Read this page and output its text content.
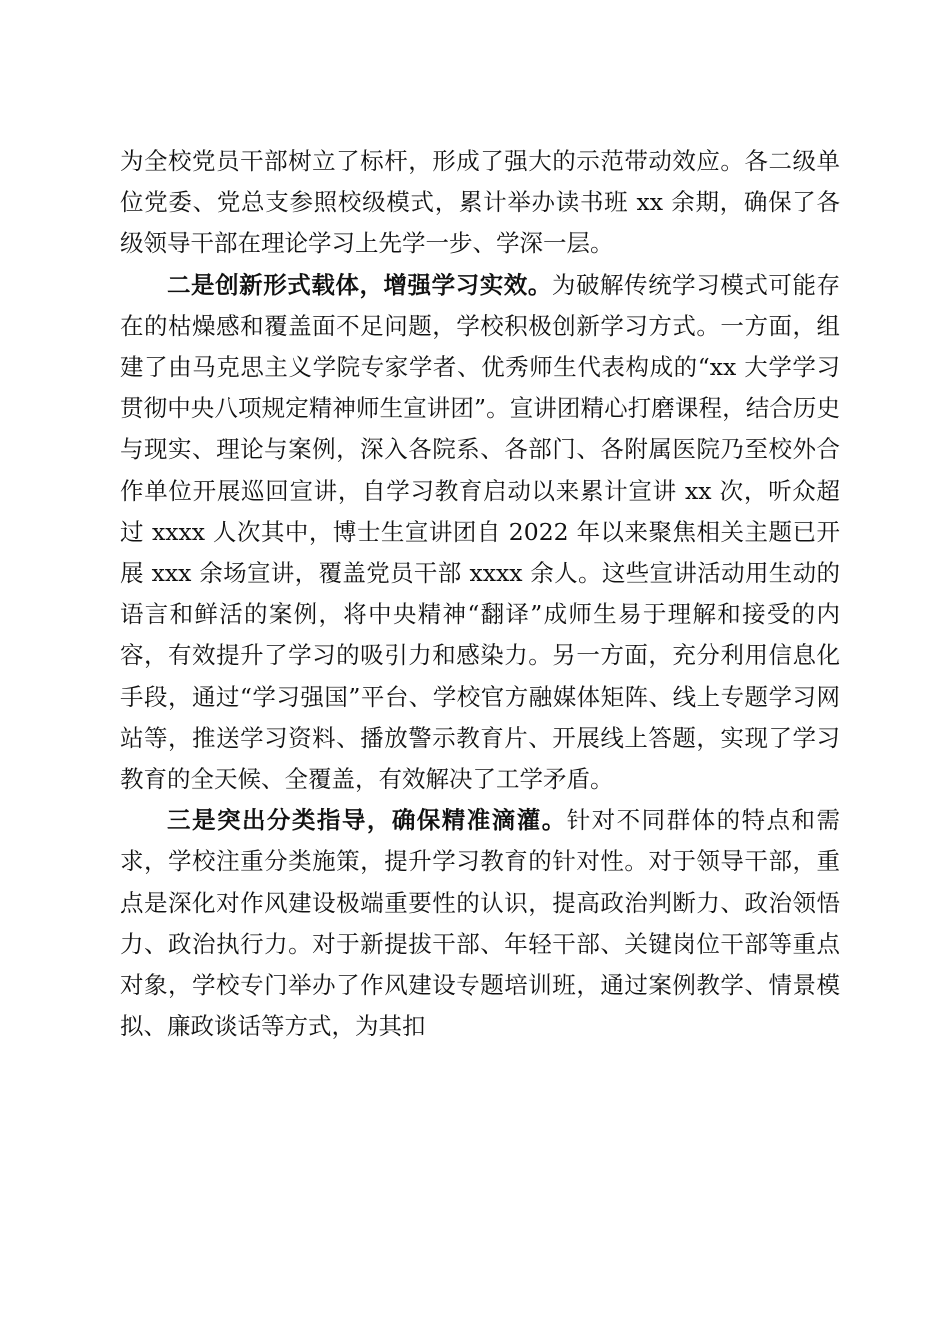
为全校党员干部树立了标杆，形成了强大的示范带动效应。各二级单位党委、党总支参照校级模式，累计举办读书班 xx 余期，确保了各级领导干部在理论学习上先学一步、学深一层。

二是创新形式载体，增强学习实效。为破解传统学习模式可能存在的枯燥感和覆盖面不足问题，学校积极创新学习方式。一方面，组建了由马克思主义学院专家学者、优秀师生代表构成的“xx 大学学习贯彻中央八项规定精神师生宣讲团”。宣讲团精心打磨课程，结合历史与现实、理论与案例，深入各院系、各部门、各附属医院乃至校外合作单位开展巡回宣讲，自学习教育启动以来累计宣讲 xx 次，听众超过 xxxx 人次其中，博士生宣讲团自 2022 年以来聚焦相关主题已开展 xxx 余场宣讲，覆盖党员干部 xxxx 余人。这些宣讲活动用生动的语言和鲜活的案例，将中央精神“翻译”成师生易于理解和接受的内容，有效提升了学习的吸引力和感染力。另一方面，充分利用信息化手段，通过“学习强国”平台、学校官方融媒体矩阵、线上专题学习网站等，推送学习资料、播放警示教育片、开展线上答题，实现了学习教育的全天候、全覆盖，有效解决了工学矛盾。

三是突出分类指导，确保精准滴灌。针对不同群体的特点和需求，学校注重分类施策，提升学习教育的针对性。对于领导干部，重点是深化对作风建设极端重要性的认识，提高政治判断力、政治领悟力、政治执行力。对于新提拔干部、年轻干部、关键岗位干部等重点对象，学校专门举办了作风建设专题培训班，通过案例教学、情景模拟、廉政谈话等方式，为其扣
